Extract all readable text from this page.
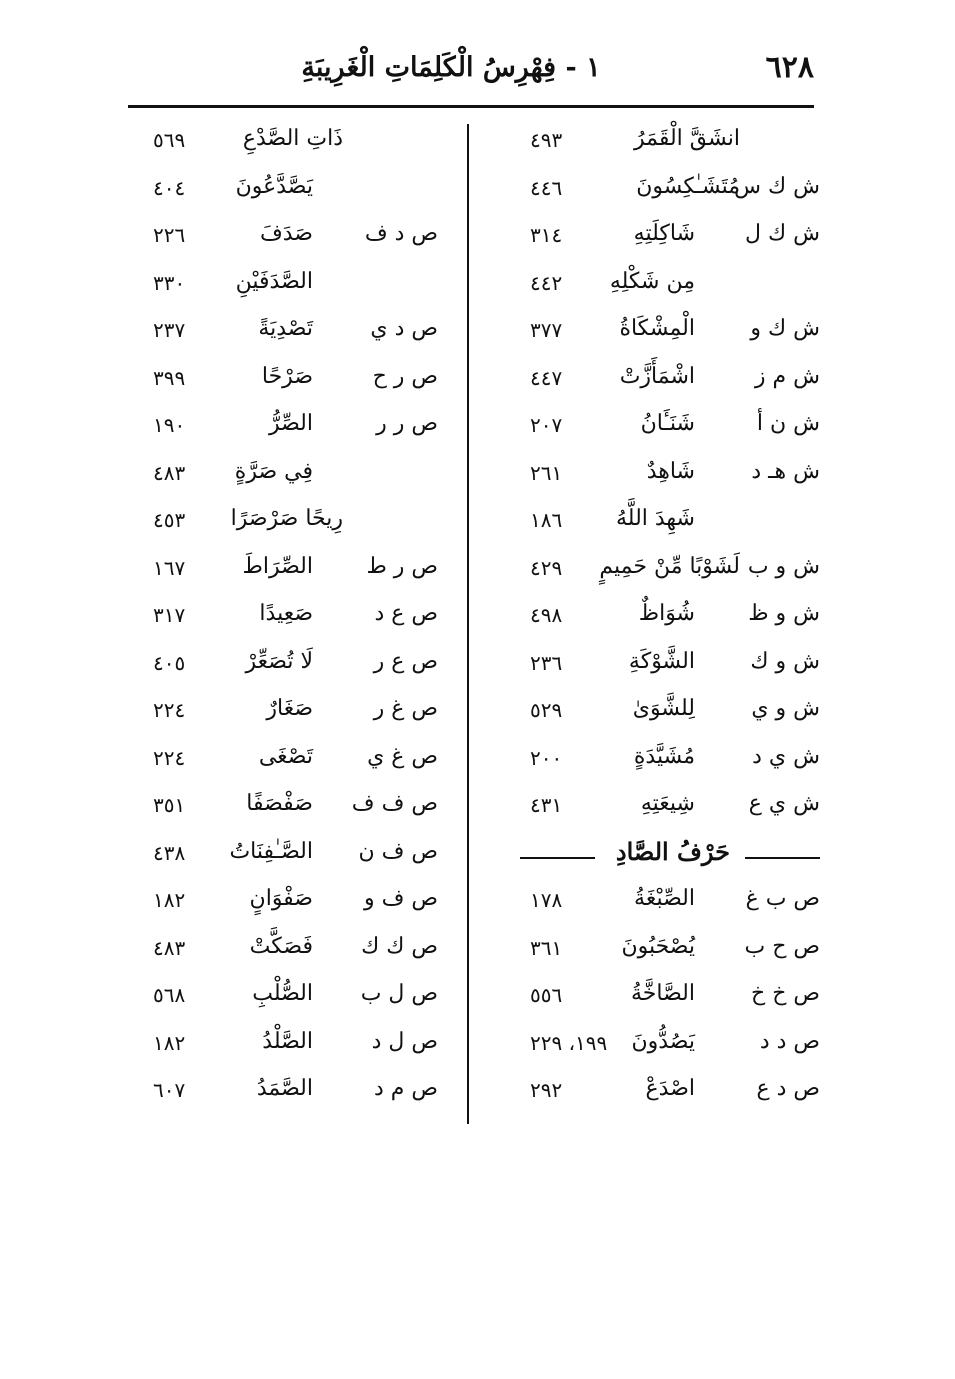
٦٢٨
١ - فِهْرِسُ الْكَلِمَاتِ الْغَرِيبَةِ
انشَقَّ الْقَمَرُ
٤٩٣
ش ك س
مُتَشَـٰكِسُونَ
٤٤٦
ش ك ل
شَاكِلَتِهِ
٣١٤
مِن شَكْلِهِ
٤٤٢
ش ك و
الْمِشْكَاةُ
٣٧٧
ش م ز
اشْمَأَزَّتْ
٤٤٧
ش ن أ
شَنَـَٔانُ
٢٠٧
ش هـ د
شَاهِدٌ
٢٦١
شَهِدَ اللَّهُ
١٨٦
ش و ب
لَشَوْبًا مِّنْ حَمِيمٍ
٤٢٩
ش و ظ
شُوَاظٌ
٤٩٨
ش و ك
الشَّوْكَةِ
٢٣٦
ش و ي
لِلشَّوَىٰ
٥٢٩
ش ي د
مُشَيَّدَةٍ
٢٠٠
ش ي ع
شِيعَتِهِ
٤٣١
حَرْفُ الصَّادِ
ص ب غ
الصِّبْغَةُ
١٧٨
ص ح ب
يُصْحَبُونَ
٣٦١
ص خ خ
الصَّاخَّةُ
٥٥٦
ص د د
يَصُدُّونَ
١٩٩، ٢٢٩
ص د ع
اصْدَعْ
٢٩٢
ذَاتِ الصَّدْعِ
٥٦٩
يَصَّدَّعُونَ
٤٠٤
ص د ف
صَدَفَ
٢٢٦
الصَّدَفَيْنِ
٣٣٠
ص د ي
تَصْدِيَةً
٢٣٧
ص ر ح
صَرْحًا
٣٩٩
ص ر ر
الصِّرُّ
١٩٠
فِي صَرَّةٍ
٤٨٣
رِيحًا صَرْصَرًا
٤٥٣
ص ر ط
الصِّرَاطَ
١٦٧
ص ع د
صَعِيدًا
٣١٧
ص ع ر
لَا تُصَعِّرْ
٤٠٥
ص غ ر
صَغَارٌ
٢٢٤
ص غ ي
تَصْغَى
٢٢٤
ص ف ف
صَفْصَفًا
٣٥١
ص ف ن
الصَّـٰفِنَاتُ
٤٣٨
ص ف و
صَفْوَانٍ
١٨٢
ص ك ك
فَصَكَّتْ
٤٨٣
ص ل ب
الصُّلْبِ
٥٦٨
ص ل د
الصَّلْدُ
١٨٢
ص م د
الصَّمَدُ
٦٠٧
